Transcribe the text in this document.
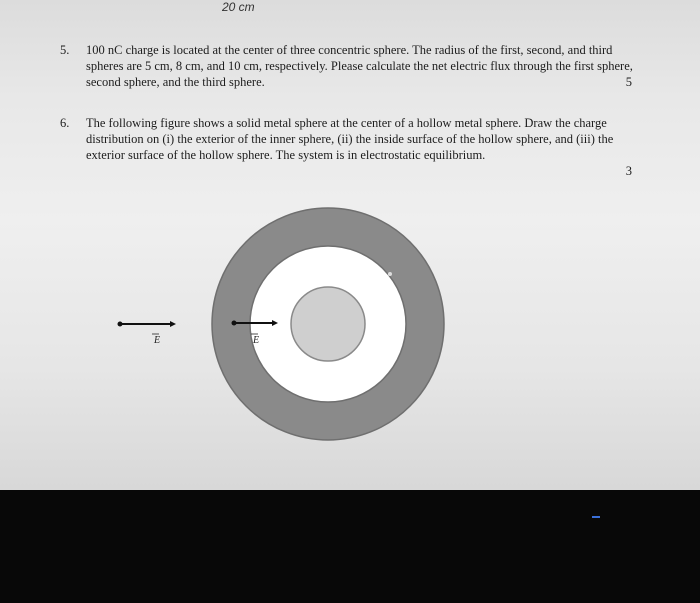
20 cm
5. 100 nC charge is located at the center of three concentric sphere. The radius of the first, second, and third spheres are 5 cm, 8 cm, and 10 cm, respectively. Please calculate the net electric flux through the first sphere, second sphere, and the third sphere.	5
6. The following figure shows a solid metal sphere at the center of a hollow metal sphere. Draw the charge distribution on (i) the exterior of the inner sphere, (ii) the inside surface of the hollow sphere, and (iii) the exterior surface of the hollow sphere. The system is in electrostatic equilibrium.
3
E	E
